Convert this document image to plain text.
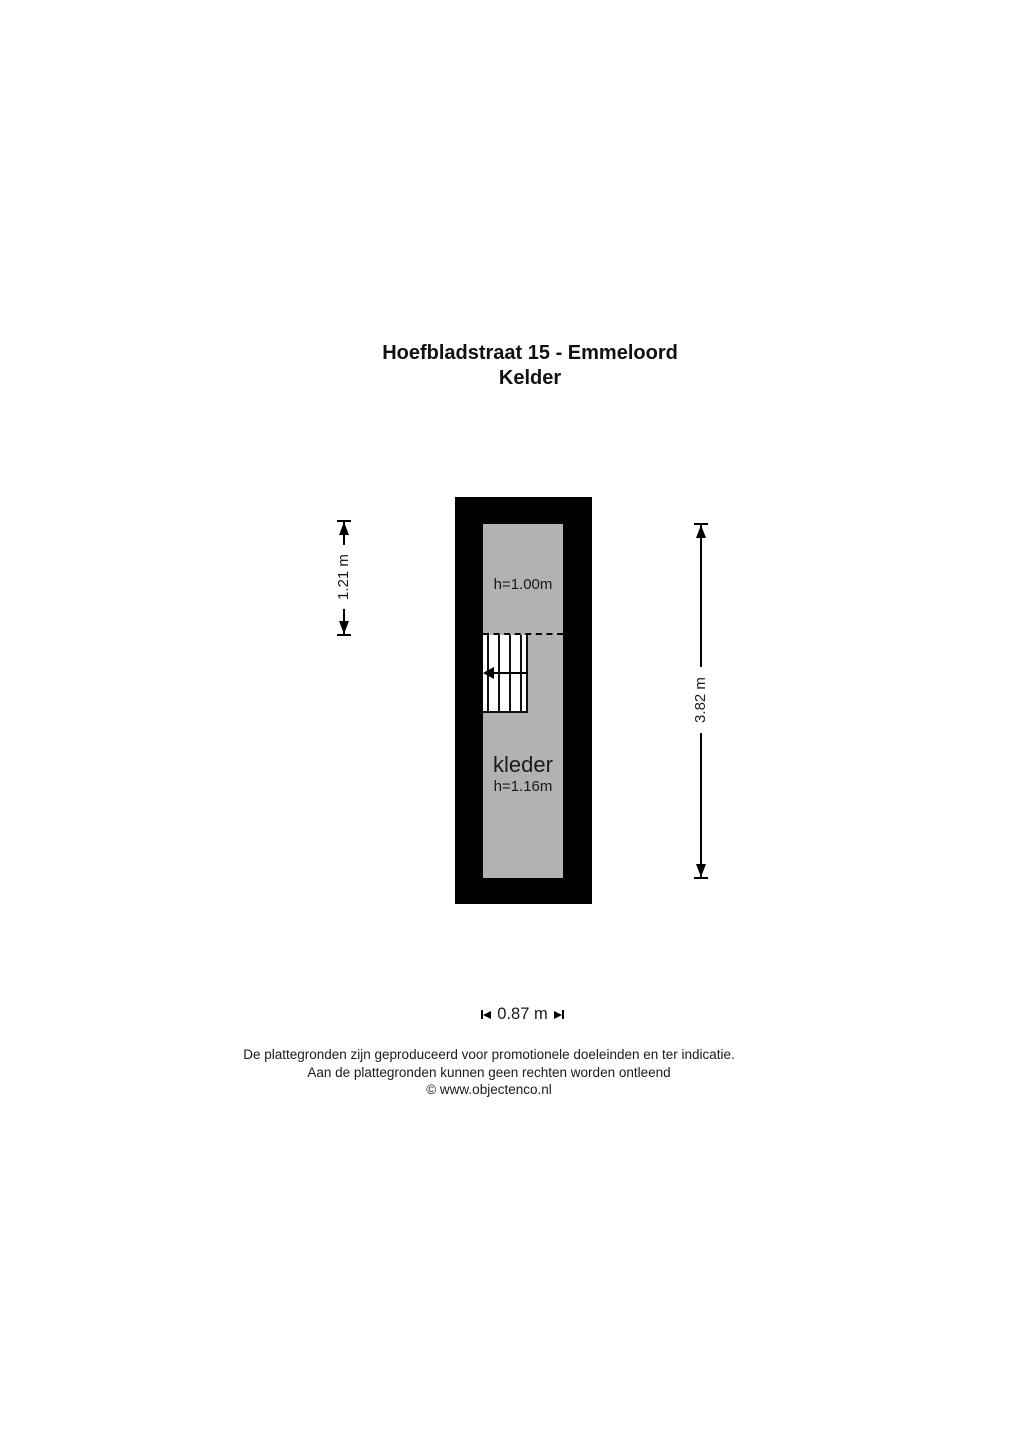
Hoefbladstraat 15 - Emmeloord
Kelder
h=1.00m
kleder
h=1.16m
1.21 m
3.82 m
0.87 m
De plattegronden zijn geproduceerd voor promotionele doeleinden en ter indicatie.
Aan de plattegronden kunnen geen rechten worden ontleend
© www.objectenco.nl
